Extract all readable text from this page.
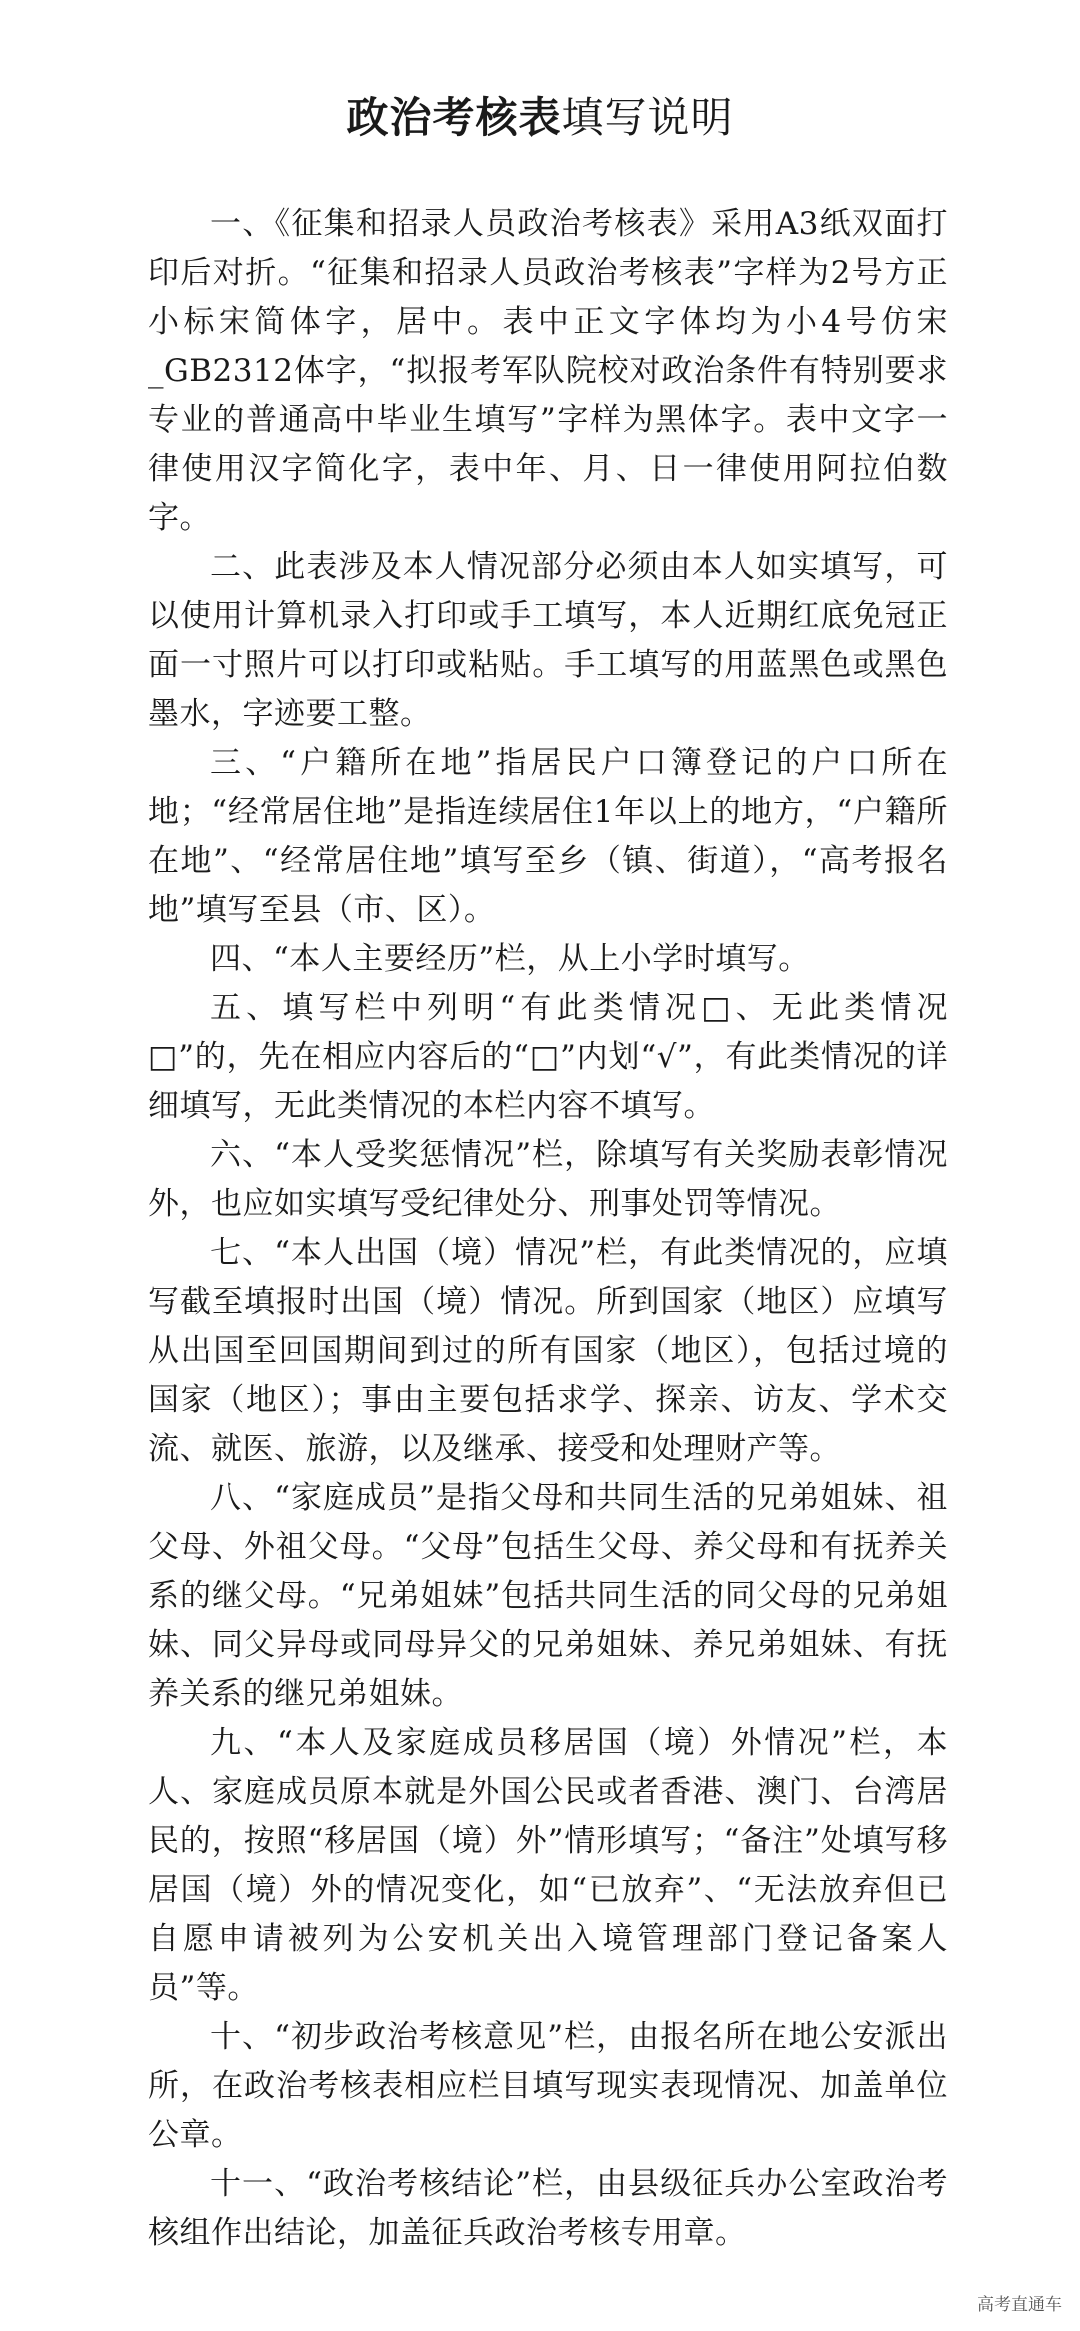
政治考核表填写说明

一、《征集和招录人员政治考核表》采用A3纸双面打印后对折。“征集和招录人员政治考核表”字样为2号方正小标宋简体字，居中。表中正文字体均为小4号仿宋_GB2312体字，“拟报考军队院校对政治条件有特别要求专业的普通高中毕业生填写”字样为黑体字。表中文字一律使用汉字简化字，表中年、月、日一律使用阿拉伯数字。

二、此表涉及本人情况部分必须由本人如实填写，可以使用计算机录入打印或手工填写，本人近期红底免冠正面一寸照片可以打印或粘贴。手工填写的用蓝黑色或黑色墨水，字迹要工整。

三、“户籍所在地”指居民户口簿登记的户口所在地；“经常居住地”是指连续居住1年以上的地方，“户籍所在地”、“经常居住地”填写至乡（镇、街道），“高考报名地”填写至县（市、区）。

四、“本人主要经历”栏，从上小学时填写。

五、填写栏中列明“有此类情况□、无此类情况□”的，先在相应内容后的“□”内划“√”，有此类情况的详细填写，无此类情况的本栏内容不填写。

六、“本人受奖惩情况”栏，除填写有关奖励表彰情况外，也应如实填写受纪律处分、刑事处罚等情况。

七、“本人出国（境）情况”栏，有此类情况的，应填写截至填报时出国（境）情况。所到国家（地区）应填写从出国至回国期间到过的所有国家（地区），包括过境的国家（地区）；事由主要包括求学、探亲、访友、学术交流、就医、旅游，以及继承、接受和处理财产等。

八、“家庭成员”是指父母和共同生活的兄弟姐妹、祖父母、外祖父母。“父母”包括生父母、养父母和有抚养关系的继父母。“兄弟姐妹”包括共同生活的同父母的兄弟姐妹、同父异母或同母异父的兄弟姐妹、养兄弟姐妹、有抚养关系的继兄弟姐妹。

九、“本人及家庭成员移居国（境）外情况”栏，本人、家庭成员原本就是外国公民或者香港、澳门、台湾居民的，按照“移居国（境）外”情形填写；“备注”处填写移居国（境）外的情况变化，如“已放弃”、“无法放弃但已自愿申请被列为公安机关出入境管理部门登记备案人员”等。

十、“初步政治考核意见”栏，由报名所在地公安派出所，在政治考核表相应栏目填写现实表现情况、加盖单位公章。

十一、“政治考核结论”栏，由县级征兵办公室政治考核组作出结论，加盖征兵政治考核专用章。

高考直通车
